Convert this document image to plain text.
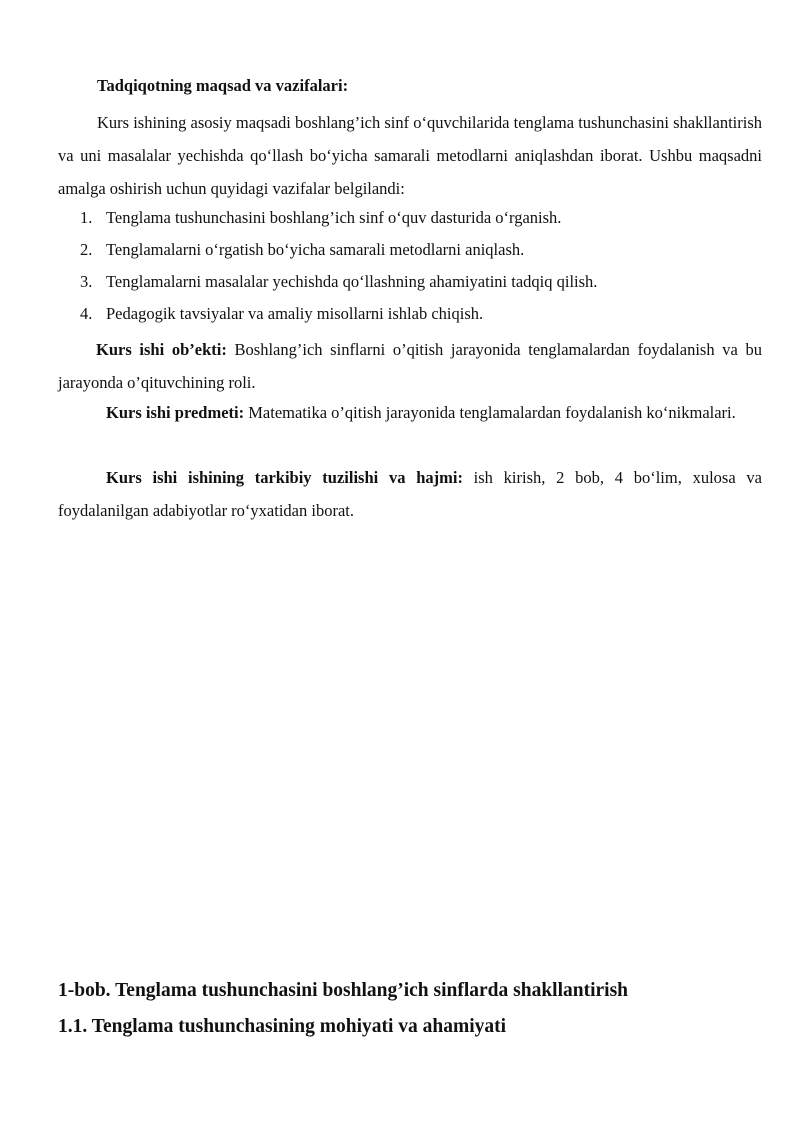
Tadqiqotning maqsad va vazifalari:

Kurs ishining asosiy maqsadi boshlang’ich sinf o‘quvchilarida tenglama tushunchasini shakllantirish va uni masalalar yechishda qo‘llash bo‘yicha samarali metodlarni aniqlashdan iborat. Ushbu maqsadni amalga oshirish uchun quyidagi vazifalar belgilandi:

1. Tenglama tushunchasini boshlang’ich sinf o‘quv dasturida o‘rganish.
2. Tenglamalarni o‘rgatish bo‘yicha samarali metodlarni aniqlash.
3. Tenglamalarni masalalar yechishda qo‘llashning ahamiyatini tadqiq qilish.
4. Pedagogik tavsiyalar va amaliy misollarni ishlab chiqish.

Kurs ishi ob’ekti: Boshlang’ich sinflarni o’qitish jarayonida tenglamalardan foydalanish va bu jarayonda o’qituvchining roli.

Kurs ishi predmeti: Matematika o’qitish jarayonida tenglamalardan foydalanish ko‘nikmalari.

Kurs ishi ishining tarkibiy tuzilishi va hajmi: ish kirish, 2 bob, 4 bo‘lim, xulosa va foydalanilgan adabiyotlar ro‘yxatidan iborat.

1-bob. Tenglama tushunchasini boshlang’ich sinflarda shakllantirish
1.1. Tenglama tushunchasining mohiyati va ahamiyati
